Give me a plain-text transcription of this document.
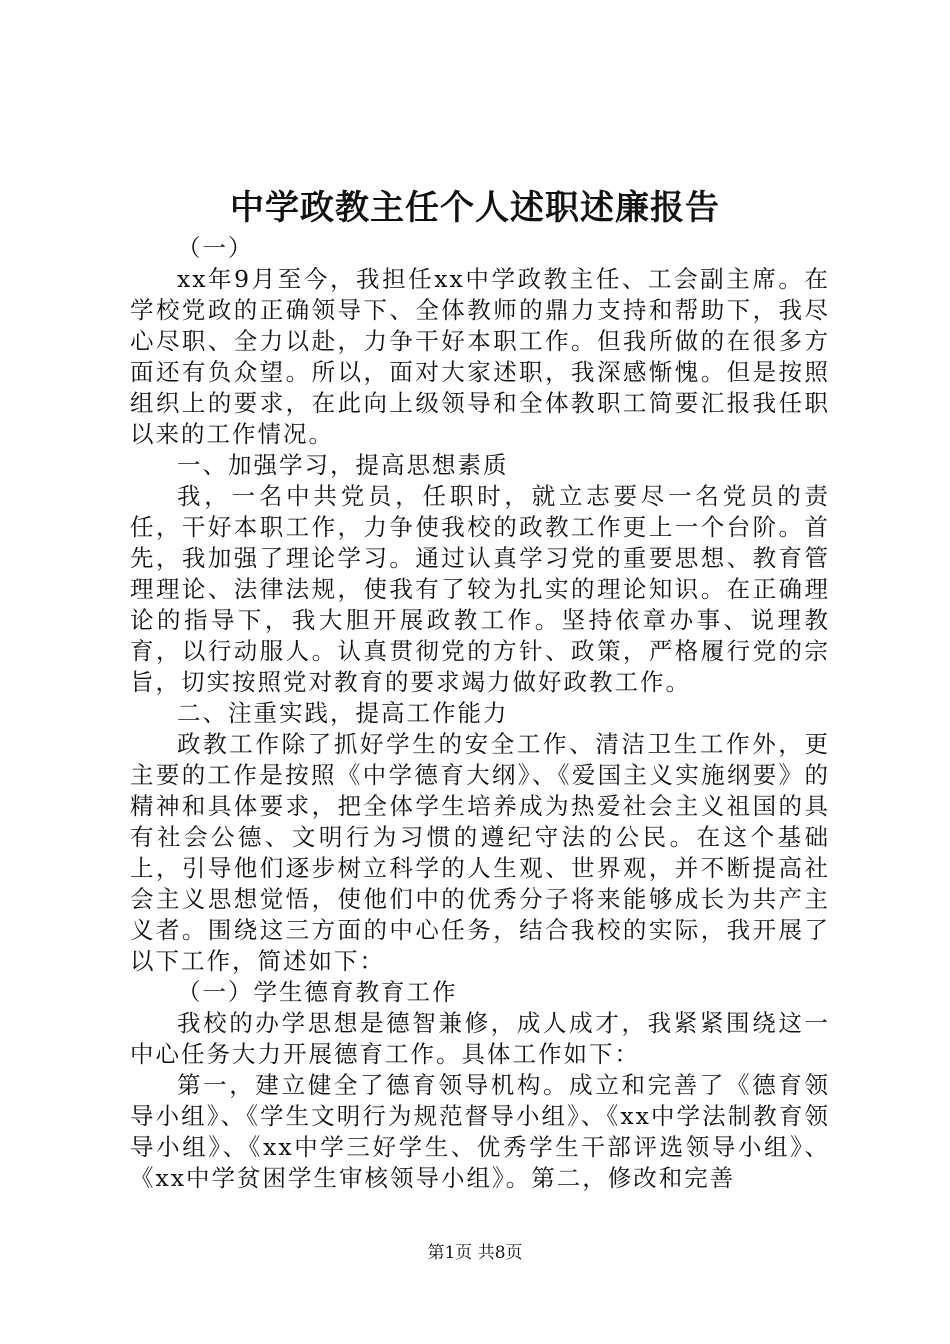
中学政教主任个人述职述廉报告

（一）

xx年9月至今，我担任xx中学政教主任、工会副主席。在学校党政的正确领导下、全体教师的鼎力支持和帮助下，我尽心尽职、全力以赴，力争干好本职工作。但我所做的在很多方面还有负众望。所以，面对大家述职，我深感惭愧。但是按照组织上的要求，在此向上级领导和全体教职工简要汇报我任职以来的工作情况。

一、加强学习，提高思想素质

我，一名中共党员，任职时，就立志要尽一名党员的责任，干好本职工作，力争使我校的政教工作更上一个台阶。首先，我加强了理论学习。通过认真学习党的重要思想、教育管理理论、法律法规，使我有了较为扎实的理论知识。在正确理论的指导下，我大胆开展政教工作。坚持依章办事、说理教育，以行动服人。认真贯彻党的方针、政策，严格履行党的宗旨，切实按照党对教育的要求竭力做好政教工作。

二、注重实践，提高工作能力

政教工作除了抓好学生的安全工作、清洁卫生工作外，更主要的工作是按照《中学德育大纲》、《爱国主义实施纲要》的精神和具体要求，把全体学生培养成为热爱社会主义祖国的具有社会公德、文明行为习惯的遵纪守法的公民。在这个基础上，引导他们逐步树立科学的人生观、世界观，并不断提高社会主义思想觉悟，使他们中的优秀分子将来能够成长为共产主义者。围绕这三方面的中心任务，结合我校的实际，我开展了以下工作，简述如下：

（一）学生德育教育工作

我校的办学思想是德智兼修，成人成才，我紧紧围绕这一中心任务大力开展德育工作。具体工作如下：

第一，建立健全了德育领导机构。成立和完善了《德育领导小组》、《学生文明行为规范督导小组》、《xx中学法制教育领导小组》、《xx中学三好学生、优秀学生干部评选领导小组》、《xx中学贫困学生审核领导小组》。第二，修改和完善

第1页 共8页
